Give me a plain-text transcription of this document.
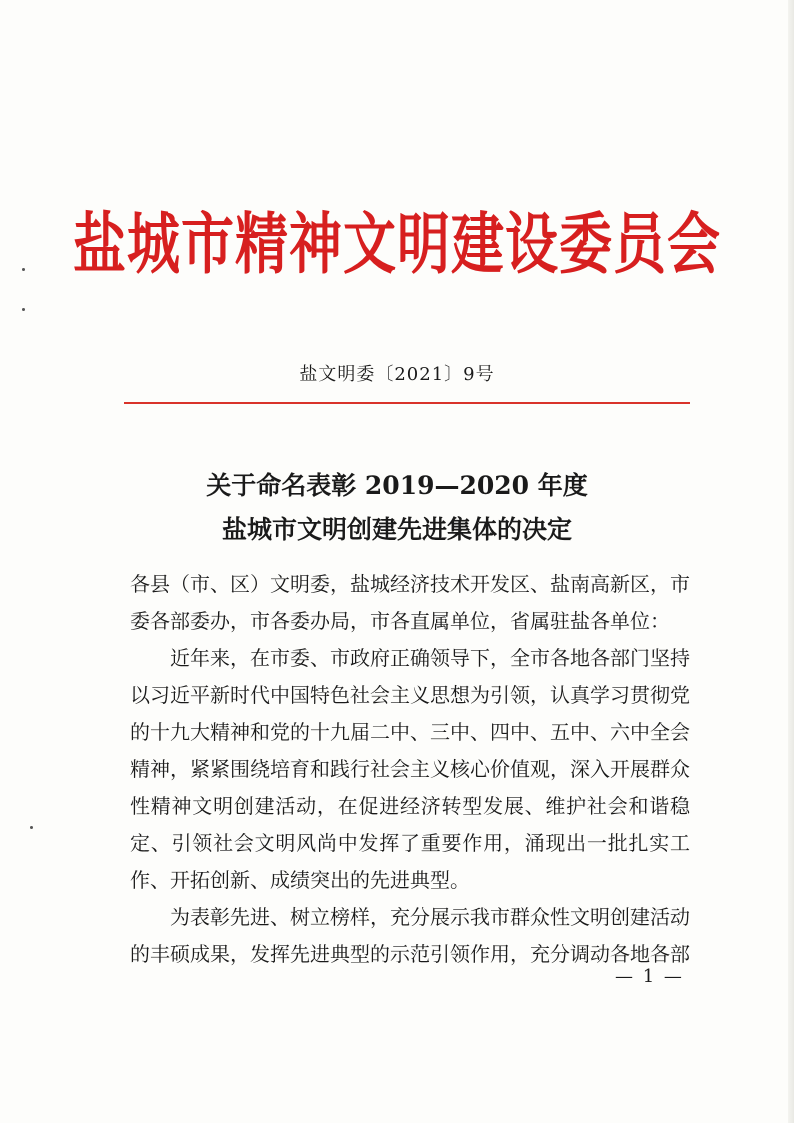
盐城市精神文明建设委员会
盐文明委〔2021〕9号
关于命名表彰 2019—2020 年度
盐城市文明创建先进集体的决定

各县（市、区）文明委，盐城经济技术开发区、盐南高新区，市委各部委办，市各委办局，市各直属单位，省属驻盐各单位：

近年来，在市委、市政府正确领导下，全市各地各部门坚持以习近平新时代中国特色社会主义思想为引领，认真学习贯彻党的十九大精神和党的十九届二中、三中、四中、五中、六中全会精神，紧紧围绕培育和践行社会主义核心价值观，深入开展群众性精神文明创建活动，在促进经济转型发展、维护社会和谐稳定、引领社会文明风尚中发挥了重要作用，涌现出一批扎实工作、开拓创新、成绩突出的先进典型。

为表彰先进、树立榜样，充分展示我市群众性文明创建活动的丰硕成果，发挥先进典型的示范引领作用，充分调动各地各部

— 1 —
